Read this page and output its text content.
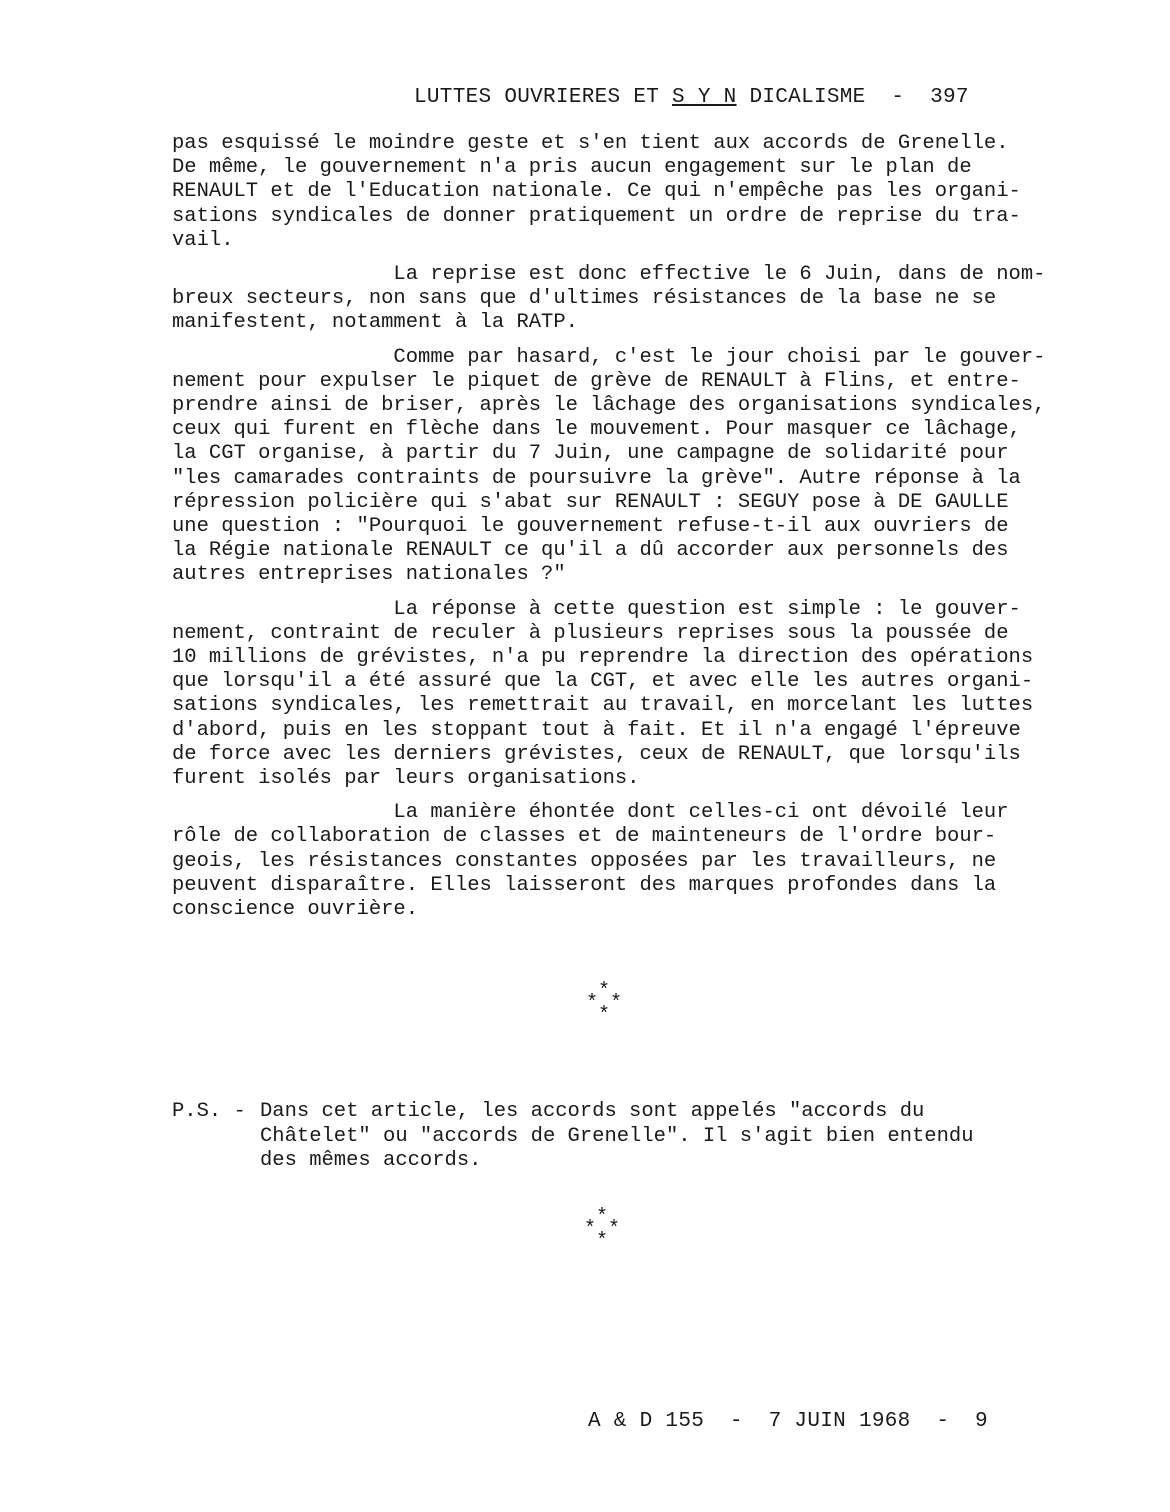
LUTTES OUVRIERES ET S Y N DICALISME  -  397

pas esquissé le moindre geste et s'en tient aux accords de Grenelle.
De même, le gouvernement n'a pris aucun engagement sur le plan de
RENAULT et de l'Education nationale. Ce qui n'empêche pas les organi-
sations syndicales de donner pratiquement un ordre de reprise du tra-
vail.

La reprise est donc effective le 6 Juin, dans de nom-
breux secteurs, non sans que d'ultimes résistances de la base ne se
manifestent, notamment à la RATP.

Comme par hasard, c'est le jour choisi par le gouver-
nement pour expulser le piquet de grève de RENAULT à Flins, et entre-
prendre ainsi de briser, après le lâchage des organisations syndicales,
ceux qui furent en flèche dans le mouvement. Pour masquer ce lâchage,
la CGT organise, à partir du 7 Juin, une campagne de solidarité pour
"les camarades contraints de poursuivre la grève". Autre réponse à la
répression policière qui s'abat sur RENAULT : SEGUY pose à DE GAULLE
une question : "Pourquoi le gouvernement refuse-t-il aux ouvriers de
la Régie nationale RENAULT ce qu'il a dû accorder aux personnels des
autres entreprises nationales ?"

La réponse à cette question est simple : le gouver-
nement, contraint de reculer à plusieurs reprises sous la poussée de
10 millions de grévistes, n'a pu reprendre la direction des opérations
que lorsqu'il a été assuré que la CGT, et avec elle les autres organi-
sations syndicales, les remettrait au travail, en morcelant les luttes
d'abord, puis en les stoppant tout à fait. Et il n'a engagé l'épreuve
de force avec les derniers grévistes, ceux de RENAULT, que lorsqu'ils
furent isolés par leurs organisations.

La manière éhontée dont celles-ci ont dévoilé leur
rôle de collaboration de classes et de mainteneurs de l'ordre bour-
geois, les résistances constantes opposées par les travailleurs, ne
peuvent disparaître. Elles laisseront des marques profondes dans la
conscience ouvrière.

*
* *
*

P.S. -

Dans cet article, les accords sont appelés "accords du
Châtelet" ou "accords de Grenelle". Il s'agit bien entendu
des mêmes accords.

*
* *
*
A & D 155  -  7 JUIN 1968  -  9
